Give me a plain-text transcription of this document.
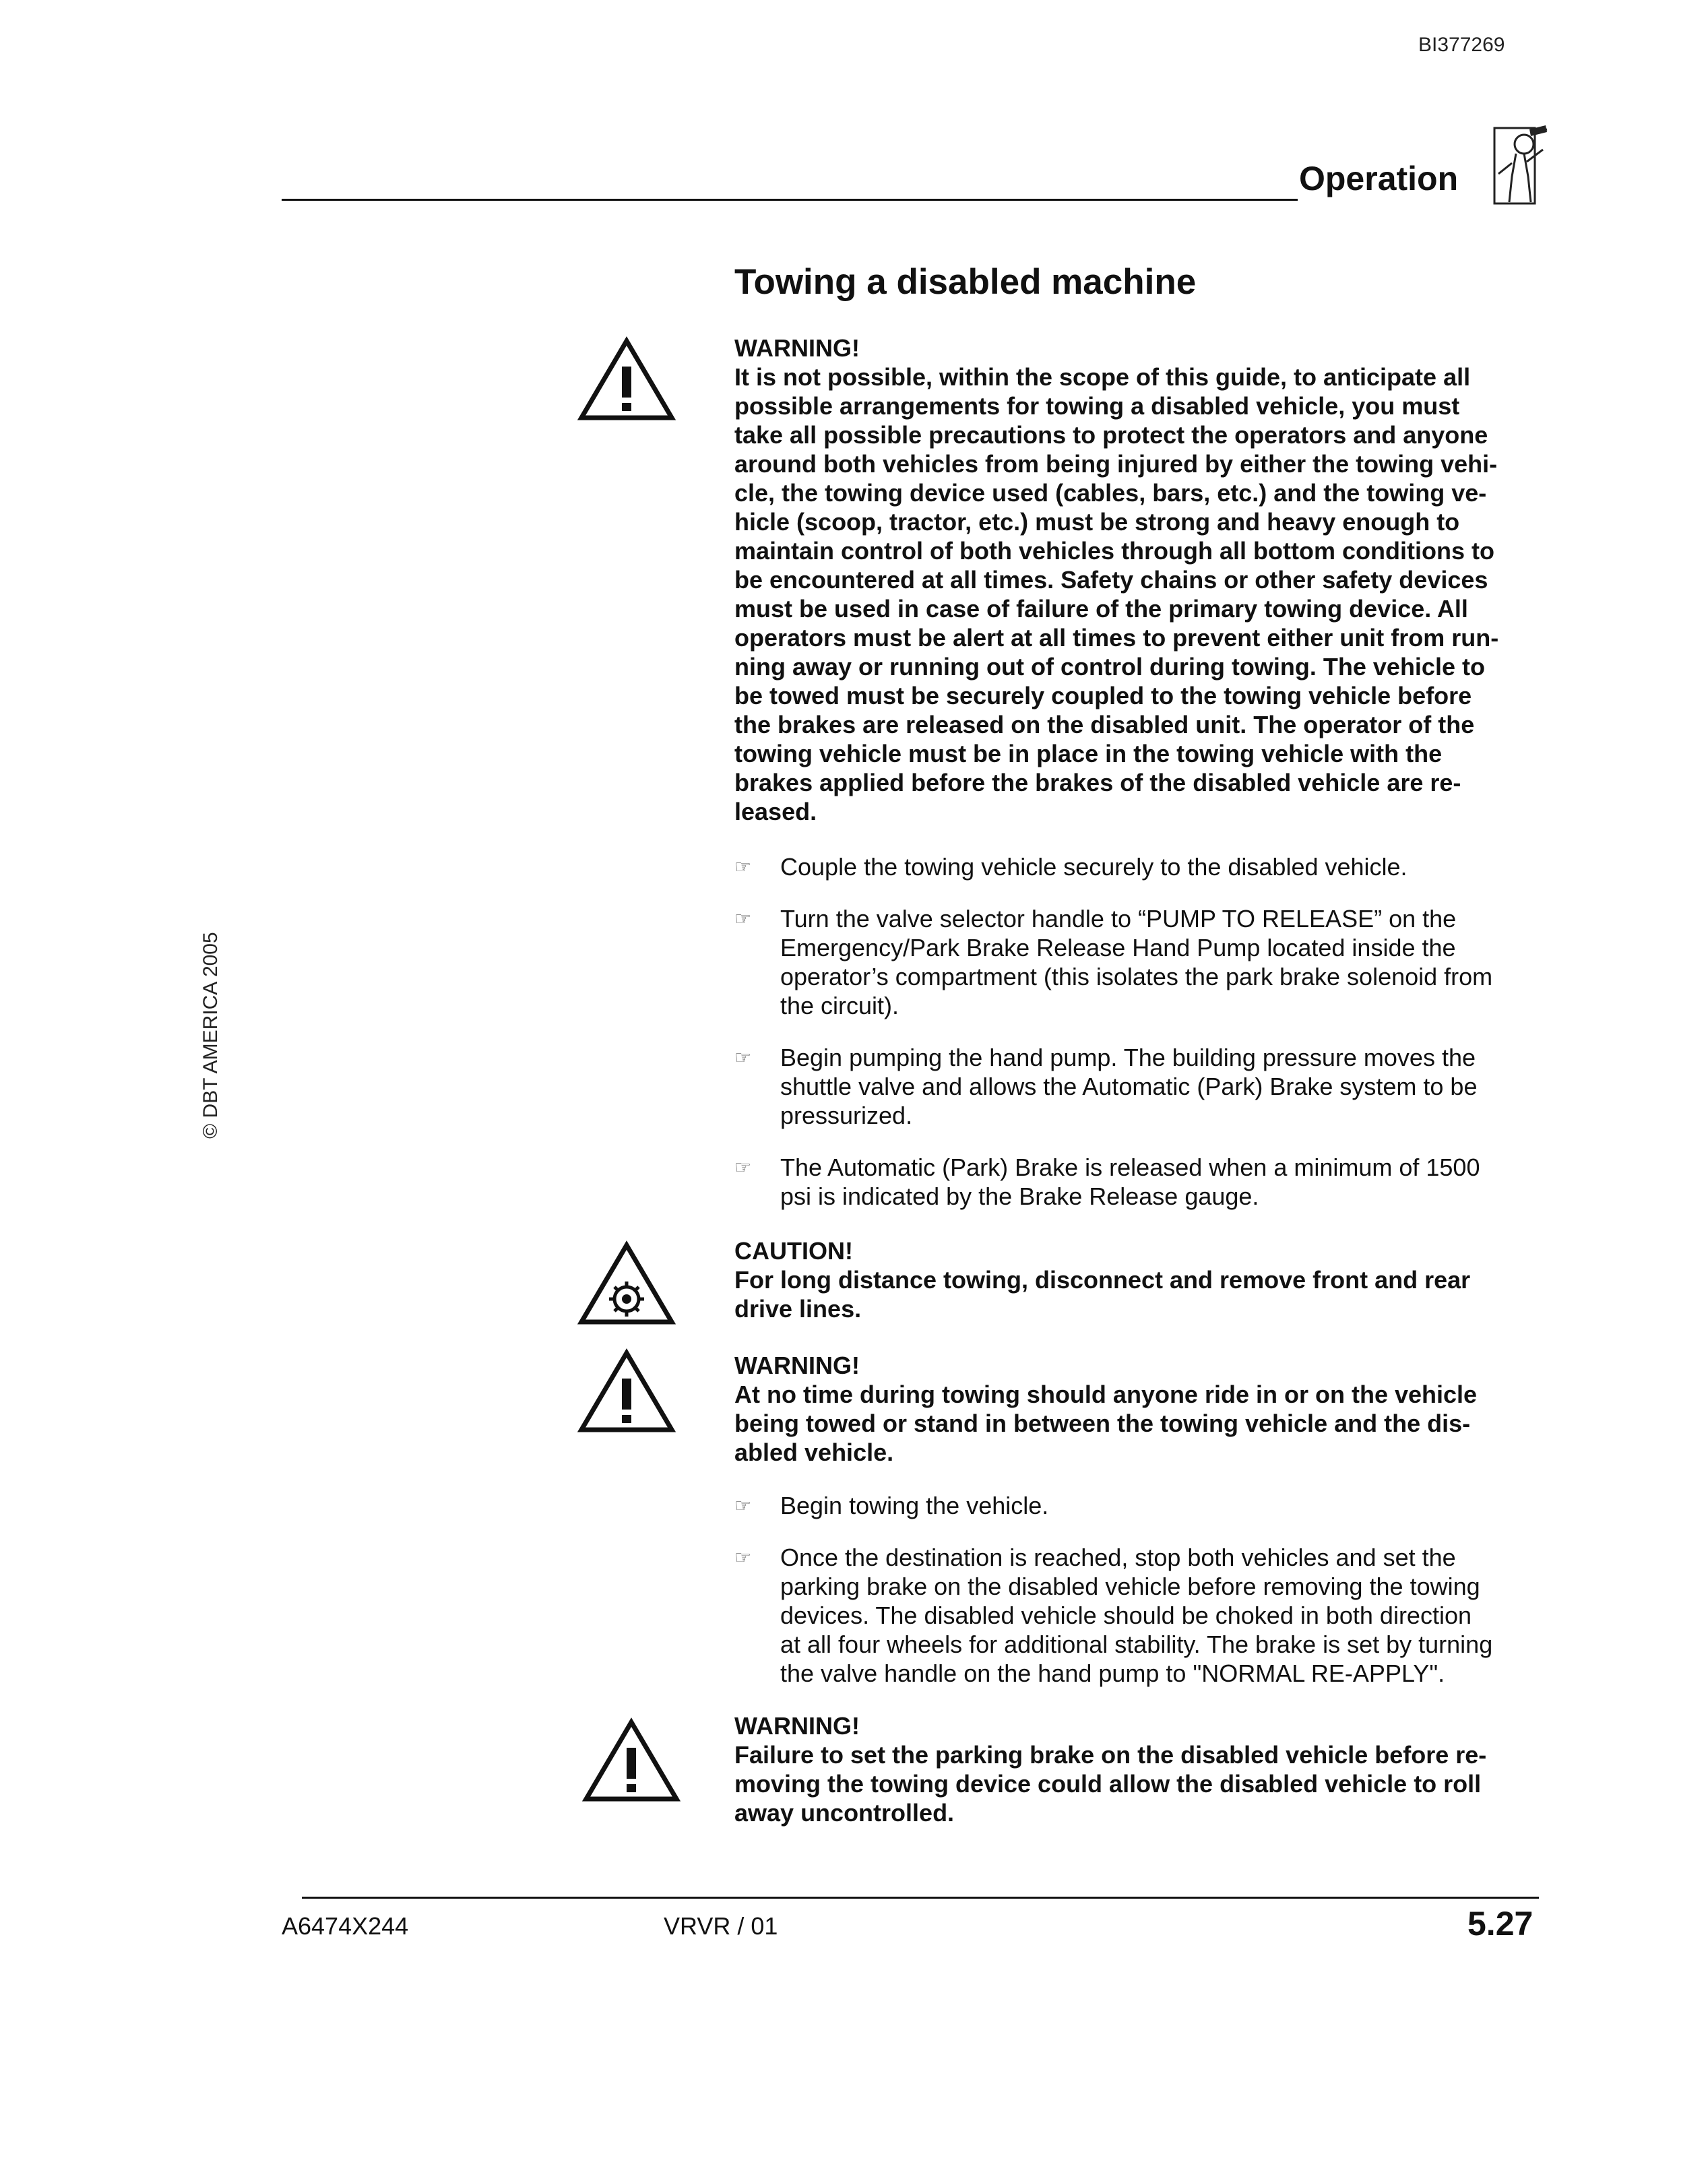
BI377269
Operation
© DBT AMERICA 2005
Towing a disabled machine
WARNING!
It is not possible, within the scope of this guide, to anticipate all
possible arrangements for towing a disabled vehicle, you must
take all possible precautions to protect the operators and anyone
around both vehicles from being injured by either the towing vehi-
cle, the towing device used (cables, bars, etc.) and the towing ve-
hicle (scoop, tractor, etc.) must be strong and heavy enough to
maintain control of both vehicles through all bottom conditions to
be encountered at all times. Safety chains or other safety devices
must be used in case of failure of the primary towing device. All
operators must be alert at all times to prevent either unit from run-
ning away or running out of control during towing. The vehicle to
be towed must be securely coupled to the towing vehicle before
the brakes are released on the disabled unit. The operator of the
towing vehicle must be in place in the towing vehicle with the
brakes applied before the brakes of the disabled vehicle are re-
leased.
☞	Couple the towing vehicle securely to the disabled vehicle.
☞	Turn the valve selector handle to “PUMP TO RELEASE” on the
Emergency/Park Brake Release Hand Pump located inside the
operator’s compartment (this isolates the park brake solenoid from
the circuit).
☞	Begin pumping the hand pump. The building pressure moves the
shuttle valve and allows the Automatic (Park) Brake system to be
pressurized.
☞	The Automatic (Park) Brake is released when a minimum of 1500
psi is indicated by the Brake Release gauge.
CAUTION!
For long distance towing, disconnect and remove front and rear
drive lines.
WARNING!
At no time during towing should anyone ride in or on the vehicle
being towed or stand in between the towing vehicle and the dis-
abled vehicle.
☞	Begin towing the vehicle.
☞	Once the destination is reached, stop both vehicles and set the
parking brake on the disabled vehicle before removing the towing
devices. The disabled vehicle should be choked in both direction
at all four wheels for additional stability. The brake is set by turning
the valve handle on the hand pump to "NORMAL RE-APPLY".
WARNING!
Failure to set the parking brake on the disabled vehicle before re-
moving the towing device could allow the disabled vehicle to roll
away uncontrolled.
A6474X244	VRVR / 01	5.27
